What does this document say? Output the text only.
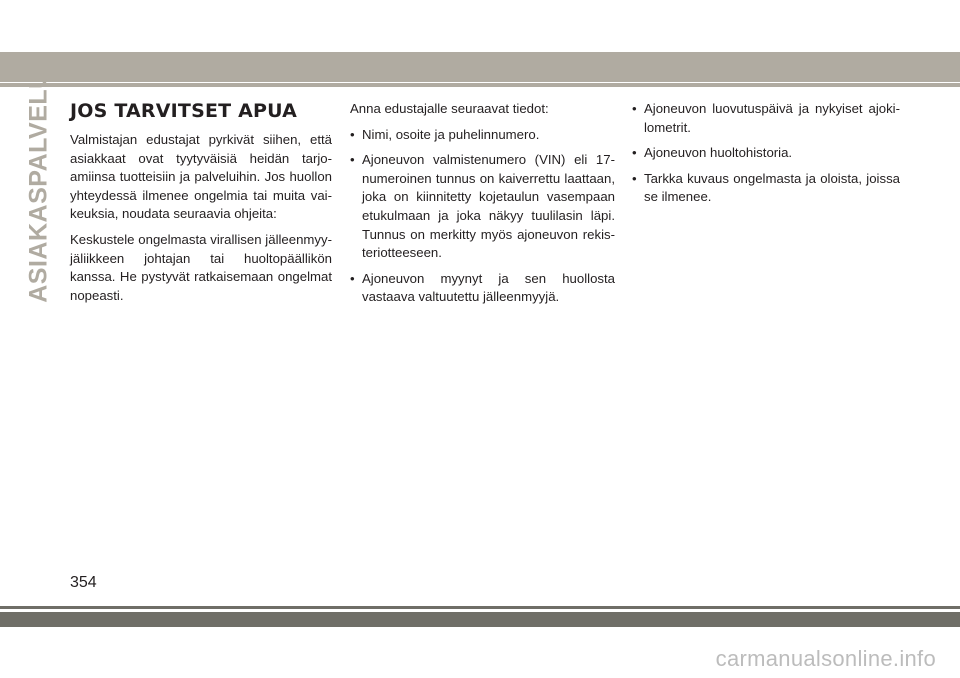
ASIAKASPALVELU JOS TARVITSET APUA

Valmistajan edustajat pyrkivät siihen, että asiakkaat ovat tyytyväisiä heidän tarjo-amiinsa tuotteisiin ja palveluihin. Jos huollon yhteydessä ilmenee ongelmia tai muita vai-keuksia, noudata seuraavia ohjeita:

Keskustele ongelmasta virallisen jälleenmyy-jäliikkeen johtajan tai huoltopäällikön kanssa. He pystyvät ratkaisemaan ongelmat nopeasti.

Anna edustajalle seuraavat tiedot:

• Nimi, osoite ja puhelinnumero.
• Ajoneuvon valmistenumero (VIN) eli 17-numeroinen tunnus on kaiverrettu laattaan, joka on kiinnitetty kojetaulun vasempaan etukulmaan ja joka näkyy tuulilasin läpi. Tunnus on merkitty myös ajoneuvon rekis-teriotteeseen.
• Ajoneuvon myynyt ja sen huollosta vastaava valtuutettu jälleenmyyjä.
• Ajoneuvon luovutuspäivä ja nykyiset ajoki-lometrit.
• Ajoneuvon huoltohistoria.
• Tarkka kuvaus ongelmasta ja oloista, joissa se ilmenee.
354
carmanualsonline.info
